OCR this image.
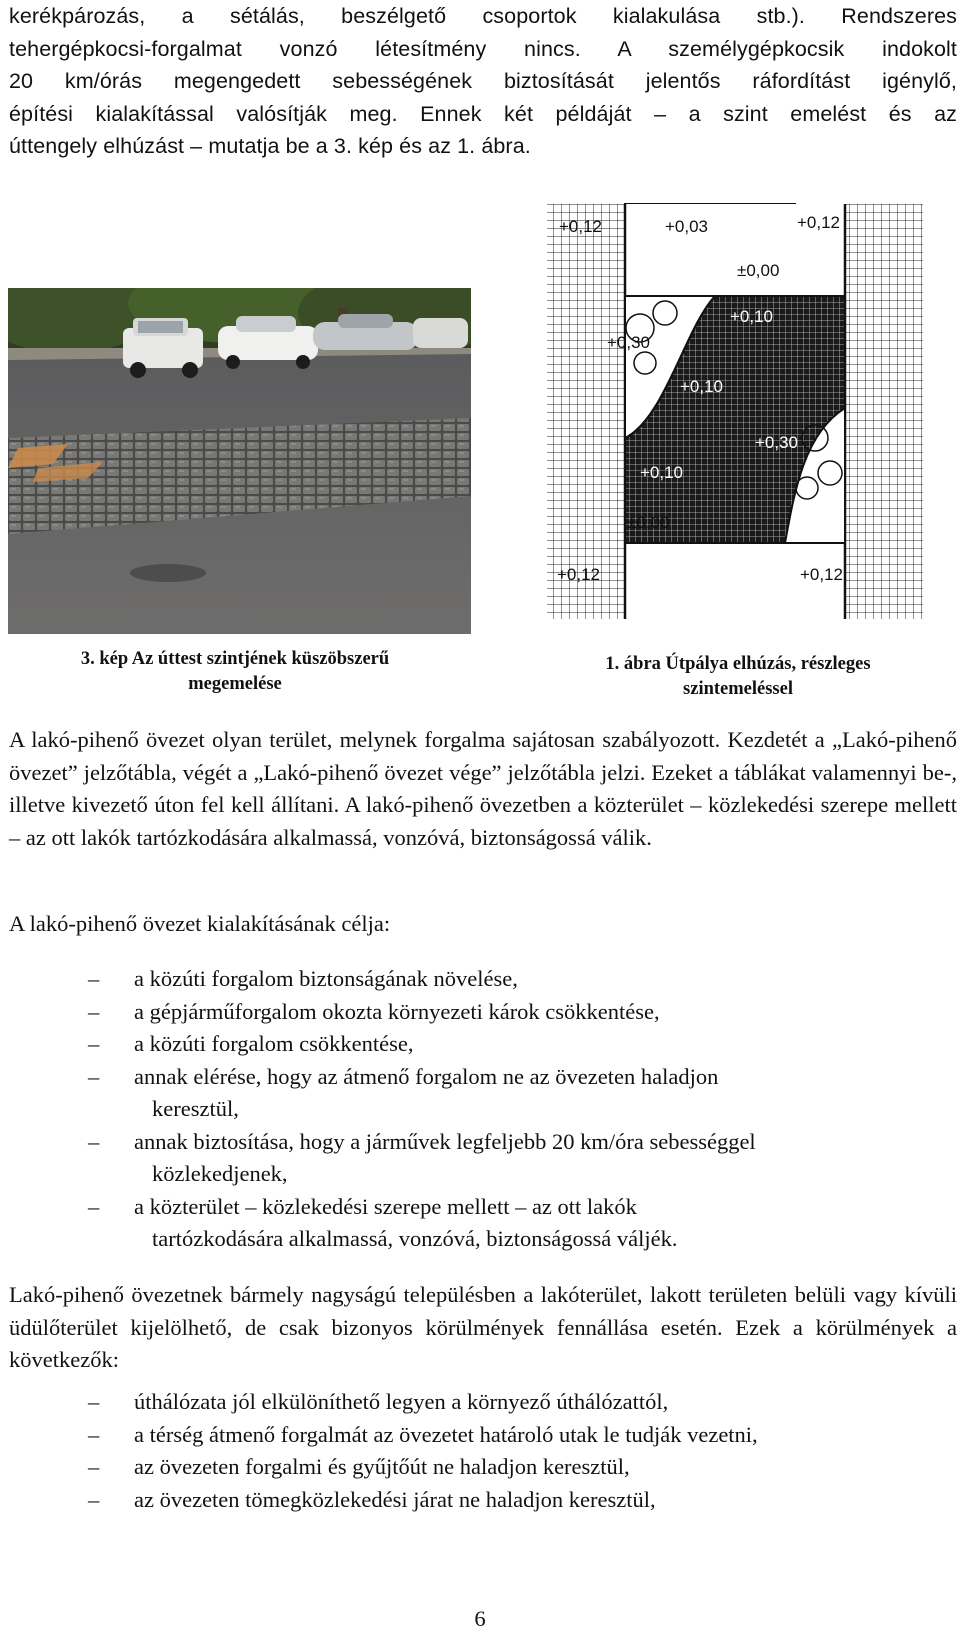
kerékpározás, a sétálás, beszélgető csoportok kialakulása stb.). Rendszeres
tehergépkocsi-forgalmat vonzó létesítmény nincs. A személygépkocsik indokolt
20 km/órás megengedett sebességének biztosítását jelentős ráfordítást igénylő,
építési kialakítással valósítják meg. Ennek két példáját – a szint emelést és az
úttengely elhúzást – mutatja be a 3. kép és az 1. ábra.
+0,12	+0,03	+0,12
±0,00
+0,10
+0,30
+0,10
+0,30
+0,10
±0,00
+0,12	+0,12
3. kép Az úttest szintjének küszöbszerű
megemelése
1. ábra Útpálya elhúzás, részleges
szintemeléssel

A lakó-pihenő övezet olyan terület, melynek forgalma sajátosan szabályozott. Kezdetét a „Lakó-pihenő övezet” jelzőtábla, végét a „Lakó-pihenő övezet vége” jelzőtábla jelzi. Ezeket a táblákat valamennyi be-, illetve kivezető úton fel kell állítani. A lakó-pihenő övezetben a közterület – közlekedési szerepe mellett – az ott lakók tartózkodására alkalmassá, vonzóvá, biztonságossá válik.

A lakó-pihenő övezet kialakításának célja:

– a közúti forgalom biztonságának növelése,
– a gépjárműforgalom okozta környezeti károk csökkentése,
– a közúti forgalom csökkentése,
– annak elérése, hogy az átmenő forgalom ne az övezeten haladjon
keresztül,
– annak biztosítása, hogy a járművek legfeljebb 20 km/óra sebességgel
közlekedjenek,
– a közterület – közlekedési szerepe mellett – az ott lakók
tartózkodására alkalmassá, vonzóvá, biztonságossá váljék.

Lakó-pihenő övezetnek bármely nagyságú településben a lakóterület, lakott területen belüli vagy kívüli üdülőterület kijelölhető, de csak bizonyos körülmények fennállása esetén. Ezek a körülmények a következők:

– úthálózata jól elkülöníthető legyen a környező úthálózattól,
– a térség átmenő forgalmát az övezetet határoló utak le tudják vezetni,
– az övezeten forgalmi és gyűjtőút ne haladjon keresztül,
– az övezeten tömegközlekedési járat ne haladjon keresztül,
6
